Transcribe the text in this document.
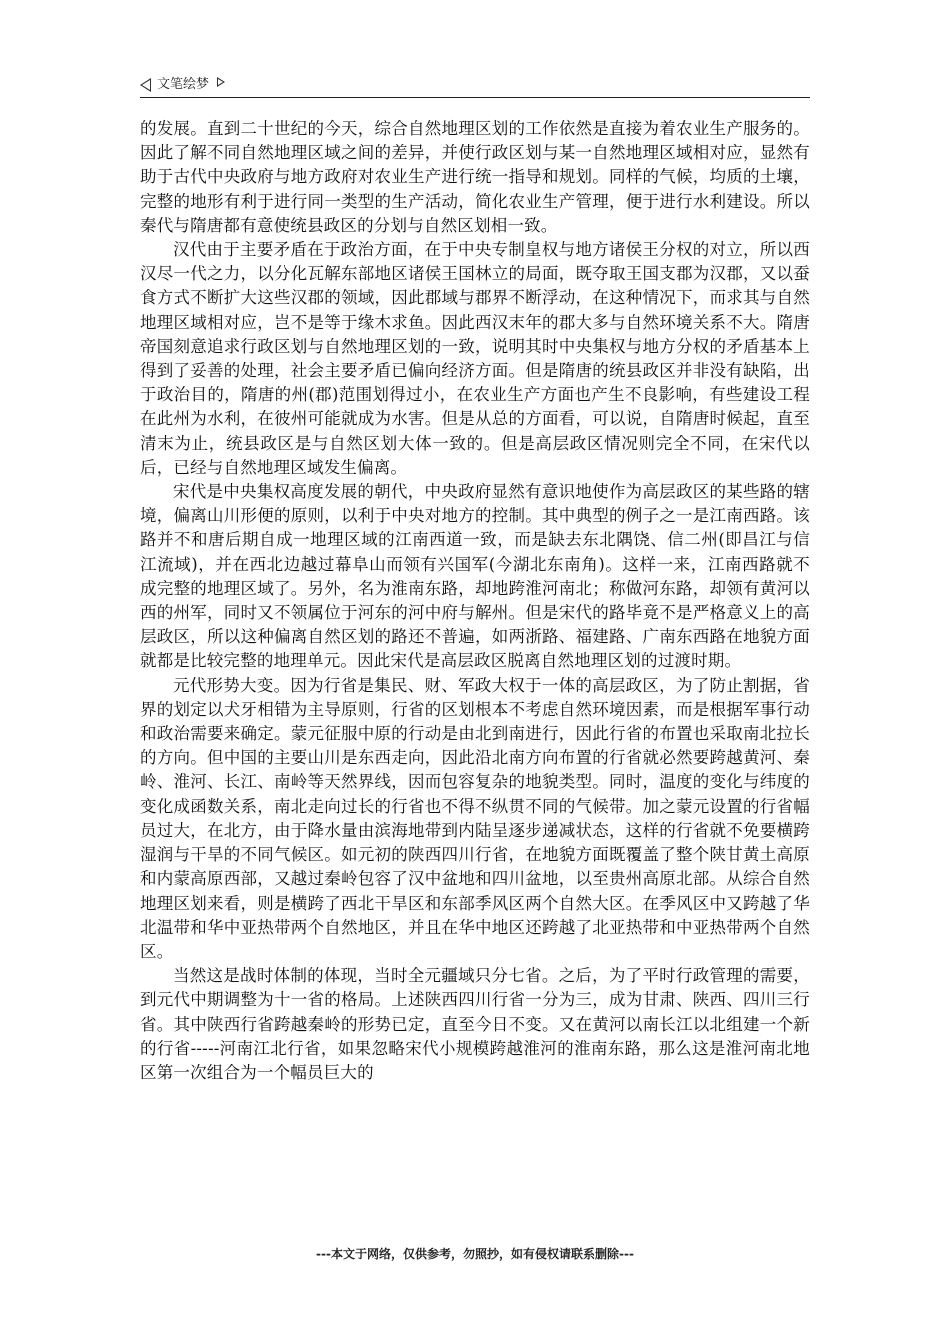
文笔绘梦

的发展。直到二十世纪的今天，综合自然地理区划的工作依然是直接为着农业生产服务的。因此了解不同自然地理区域之间的差异，并使行政区划与某一自然地理区域相对应，显然有助于古代中央政府与地方政府对农业生产进行统一指导和规划。同样的气候，均质的土壤，完整的地形有利于进行同一类型的生产活动，简化农业生产管理，便于进行水利建设。所以秦代与隋唐都有意使统县政区的分划与自然区划相一致。

汉代由于主要矛盾在于政治方面，在于中央专制皇权与地方诸侯王分权的对立，所以西汉尽一代之力，以分化瓦解东部地区诸侯王国林立的局面，既夺取王国支郡为汉郡，又以蚕食方式不断扩大这些汉郡的领域，因此郡域与郡界不断浮动，在这种情况下，而求其与自然地理区域相对应，岂不是等于缘木求鱼。因此西汉末年的郡大多与自然环境关系不大。隋唐帝国刻意追求行政区划与自然地理区划的一致，说明其时中央集权与地方分权的矛盾基本上得到了妥善的处理，社会主要矛盾已偏向经济方面。但是隋唐的统县政区并非没有缺陷，出于政治目的，隋唐的州(郡)范围划得过小，在农业生产方面也产生不良影响，有些建设工程在此州为水利，在彼州可能就成为水害。但是从总的方面看，可以说，自隋唐时候起，直至清末为止，统县政区是与自然区划大体一致的。但是高层政区情况则完全不同，在宋代以后，已经与自然地理区域发生偏离。

宋代是中央集权高度发展的朝代，中央政府显然有意识地使作为高层政区的某些路的辖境，偏离山川形便的原则，以利于中央对地方的控制。其中典型的例子之一是江南西路。该路并不和唐后期自成一地理区域的江南西道一致，而是缺去东北隅饶、信二州(即昌江与信江流域)，并在西北边越过幕阜山而领有兴国军(今湖北东南角)。这样一来，江南西路就不成完整的地理区域了。另外，名为淮南东路，却地跨淮河南北；称做河东路，却领有黄河以西的州军，同时又不领属位于河东的河中府与解州。但是宋代的路毕竟不是严格意义上的高层政区，所以这种偏离自然区划的路还不普遍，如两浙路、福建路、广南东西路在地貌方面就都是比较完整的地理单元。因此宋代是高层政区脱离自然地理区划的过渡时期。

元代形势大变。因为行省是集民、财、军政大权于一体的高层政区，为了防止割据，省界的划定以犬牙相错为主导原则，行省的区划根本不考虑自然环境因素，而是根据军事行动和政治需要来确定。蒙元征服中原的行动是由北到南进行，因此行省的布置也采取南北拉长的方向。但中国的主要山川是东西走向，因此沿北南方向布置的行省就必然要跨越黄河、秦岭、淮河、长江、南岭等天然界线，因而包容复杂的地貌类型。同时，温度的变化与纬度的变化成函数关系，南北走向过长的行省也不得不纵贯不同的气候带。加之蒙元设置的行省幅员过大，在北方，由于降水量由滨海地带到内陆呈逐步递减状态，这样的行省就不免要横跨湿润与干旱的不同气候区。如元初的陕西四川行省，在地貌方面既覆盖了整个陕甘黄土高原和内蒙高原西部，又越过秦岭包容了汉中盆地和四川盆地，以至贵州高原北部。从综合自然地理区划来看，则是横跨了西北干旱区和东部季风区两个自然大区。在季风区中又跨越了华北温带和华中亚热带两个自然地区，并且在华中地区还跨越了北亚热带和中亚热带两个自然区。

当然这是战时体制的体现，当时全元疆域只分七省。之后，为了平时行政管理的需要，到元代中期调整为十一省的格局。上述陕西四川行省一分为三，成为甘肃、陕西、四川三行省。其中陕西行省跨越秦岭的形势已定，直至今日不变。又在黄河以南长江以北组建一个新的行省-----河南江北行省，如果忽略宋代小规模跨越淮河的淮南东路，那么这是淮河南北地区第一次组合为一个幅员巨大的

---本文于网络，仅供参考，勿照抄，如有侵权请联系删除---
